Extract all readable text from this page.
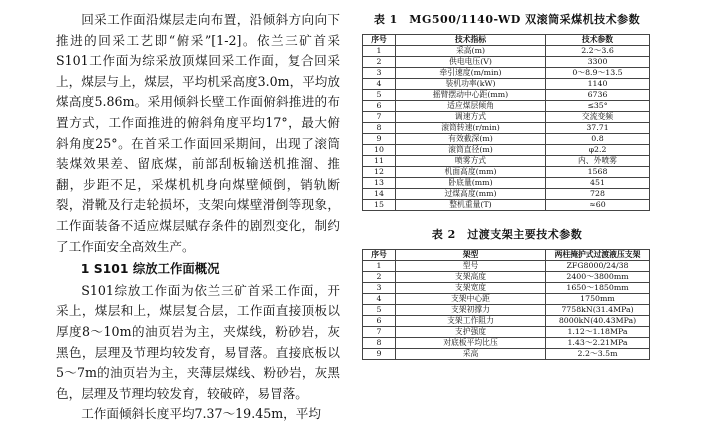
回采工作面沿煤层走向布置，沿倾斜方向向下推进的回采工艺即“俯采”[1-2]。依兰三矿首采S101工作面为综采放顶煤回采工作面，复合回采上，煤层与上，煤层，平均机采高度3.0m，平均放煤高度5.86m。采用倾斜长壁工作面俯斜推进的布置方式，工作面推进的俯斜角度平均17°，最大俯斜角度25°。在首采工作面回采期间，出现了滚筒装煤效果差、留底煤，前部刮板输送机推溜、推翻，步距不足，采煤机机身向煤壁倾倒，销轨断裂，滑靴及行走轮损坏，支架向煤壁滑倒等现象，工作面装备不适应煤层赋存条件的剧烈变化，制约了工作面安全高效生产。

1 S101 综放工作面概况

S101综放工作面为依兰三矿首采工作面，开采上，煤层和上，煤层复合层，工作面直接顶板以厚度8～10m的油页岩为主，夹煤线，粉砂岩，灰黑色，层理及节理均较发育，易冒落。直接底板以5～7m的油页岩为主，夹薄层煤线、粉砂岩，灰黑色，层理及节理均较发育，较破碎，易冒落。

工作面倾斜长度平均7.37～19.45m，平均

表 1　MG500/1140-WD 双滚筒采煤机技术参数
序号	技术指标	技术参数
1	采高(m)	2.2～3.6
2	供电电压(V)	3300
3	牵引速度(m/min)	0～8.9～13.5
4	装机功率(kW)	1140
5	摇臂摆动中心距(mm)	6736
6	适应煤层倾角	≤35°
7	调速方式	交流变频
8	滚筒转速(r/min)	37.71
9	有效截深(m)	0.8
10	滚筒直径(m)	φ2.2
11	喷雾方式	内、外喷雾
12	机面高度(mm)	1568
13	卧底量(mm)	451
14	过煤高度(mm)	728
15	整机重量(T)	≈60
表 2　过渡支架主要技术参数
序号	架型	两柱掩护式过渡液压支架
1	型号	ZFG8000/24/38
2	支架高度	2400～3800mm
3	支架宽度	1650～1850mm
4	支架中心距	1750mm
5	支架初撑力	7758kN(31.4MPa)
6	支架工作阻力	8000kN(40.43MPa)
7	支护强度	1.12～1.18MPa
8	对底板平均比压	1.43～2.21MPa
9	采高	2.2～3.5m
